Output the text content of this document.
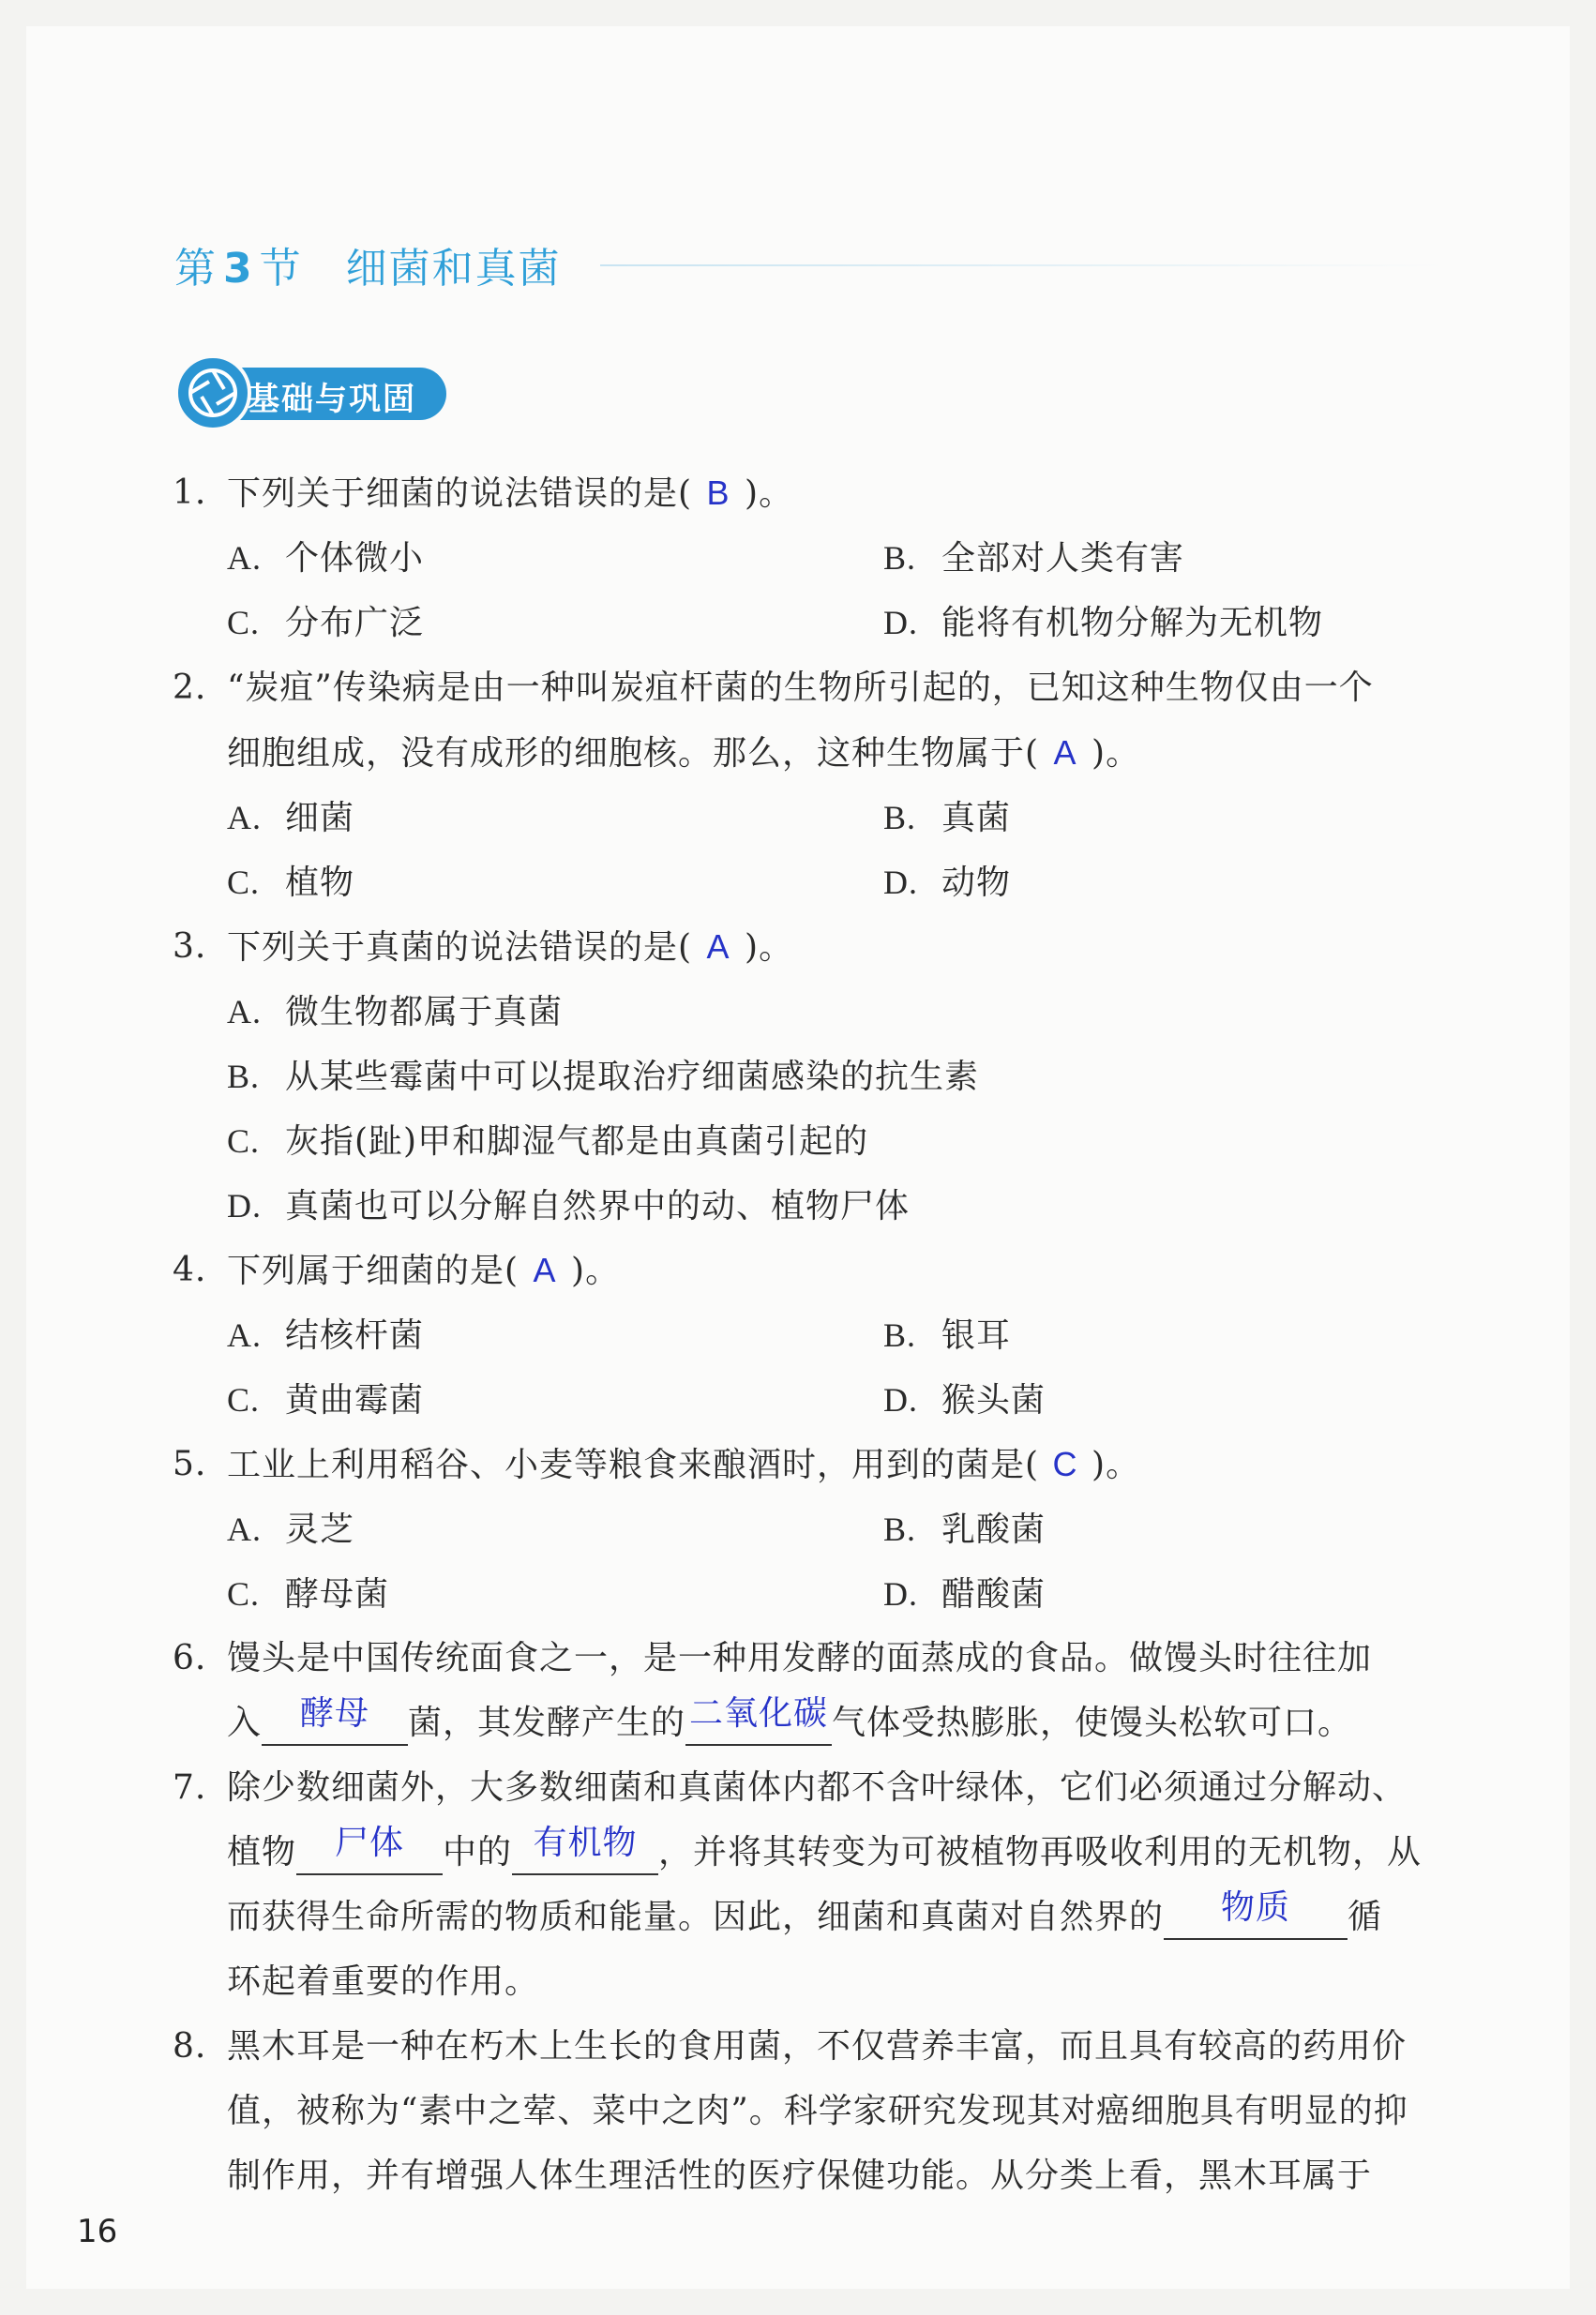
第 3 节 细菌和真菌
基础与巩固
1. 下列关于细菌的说法错误的是( B )。
A. 个体微小	B. 全部对人类有害
C. 分布广泛	D. 能将有机物分解为无机物
2. “炭疽”传染病是由一种叫炭疽杆菌的生物所引起的，已知这种生物仅由一个
细胞组成，没有成形的细胞核。那么，这种生物属于( A )。
A. 细菌	B. 真菌
C. 植物	D. 动物
3. 下列关于真菌的说法错误的是( A )。
A. 微生物都属于真菌
B. 从某些霉菌中可以提取治疗细菌感染的抗生素
C. 灰指(趾)甲和脚湿气都是由真菌引起的
D. 真菌也可以分解自然界中的动、植物尸体
4. 下列属于细菌的是( A )。
A. 结核杆菌	B. 银耳
C. 黄曲霉菌	D. 猴头菌
5. 工业上利用稻谷、小麦等粮食来酿酒时，用到的菌是( C )。
A. 灵芝	B. 乳酸菌
C. 酵母菌	D. 醋酸菌
6. 馒头是中国传统面食之一，是一种用发酵的面蒸成的食品。做馒头时往往加
入 酵母 菌，其发酵产生的 二氧化碳 气体受热膨胀，使馒头松软可口。
7. 除少数细菌外，大多数细菌和真菌体内都不含叶绿体，它们必须通过分解动、
植物 尸体 中的 有机物 ，并将其转变为可被植物再吸收利用的无机物，从
而获得生命所需的物质和能量。因此，细菌和真菌对自然界的 物质 循
环起着重要的作用。
8. 黑木耳是一种在朽木上生长的食用菌，不仅营养丰富，而且具有较高的药用价
值，被称为“素中之荤、菜中之肉”。科学家研究发现其对癌细胞具有明显的抑
制作用，并有增强人体生理活性的医疗保健功能。从分类上看，黑木耳属于
16
